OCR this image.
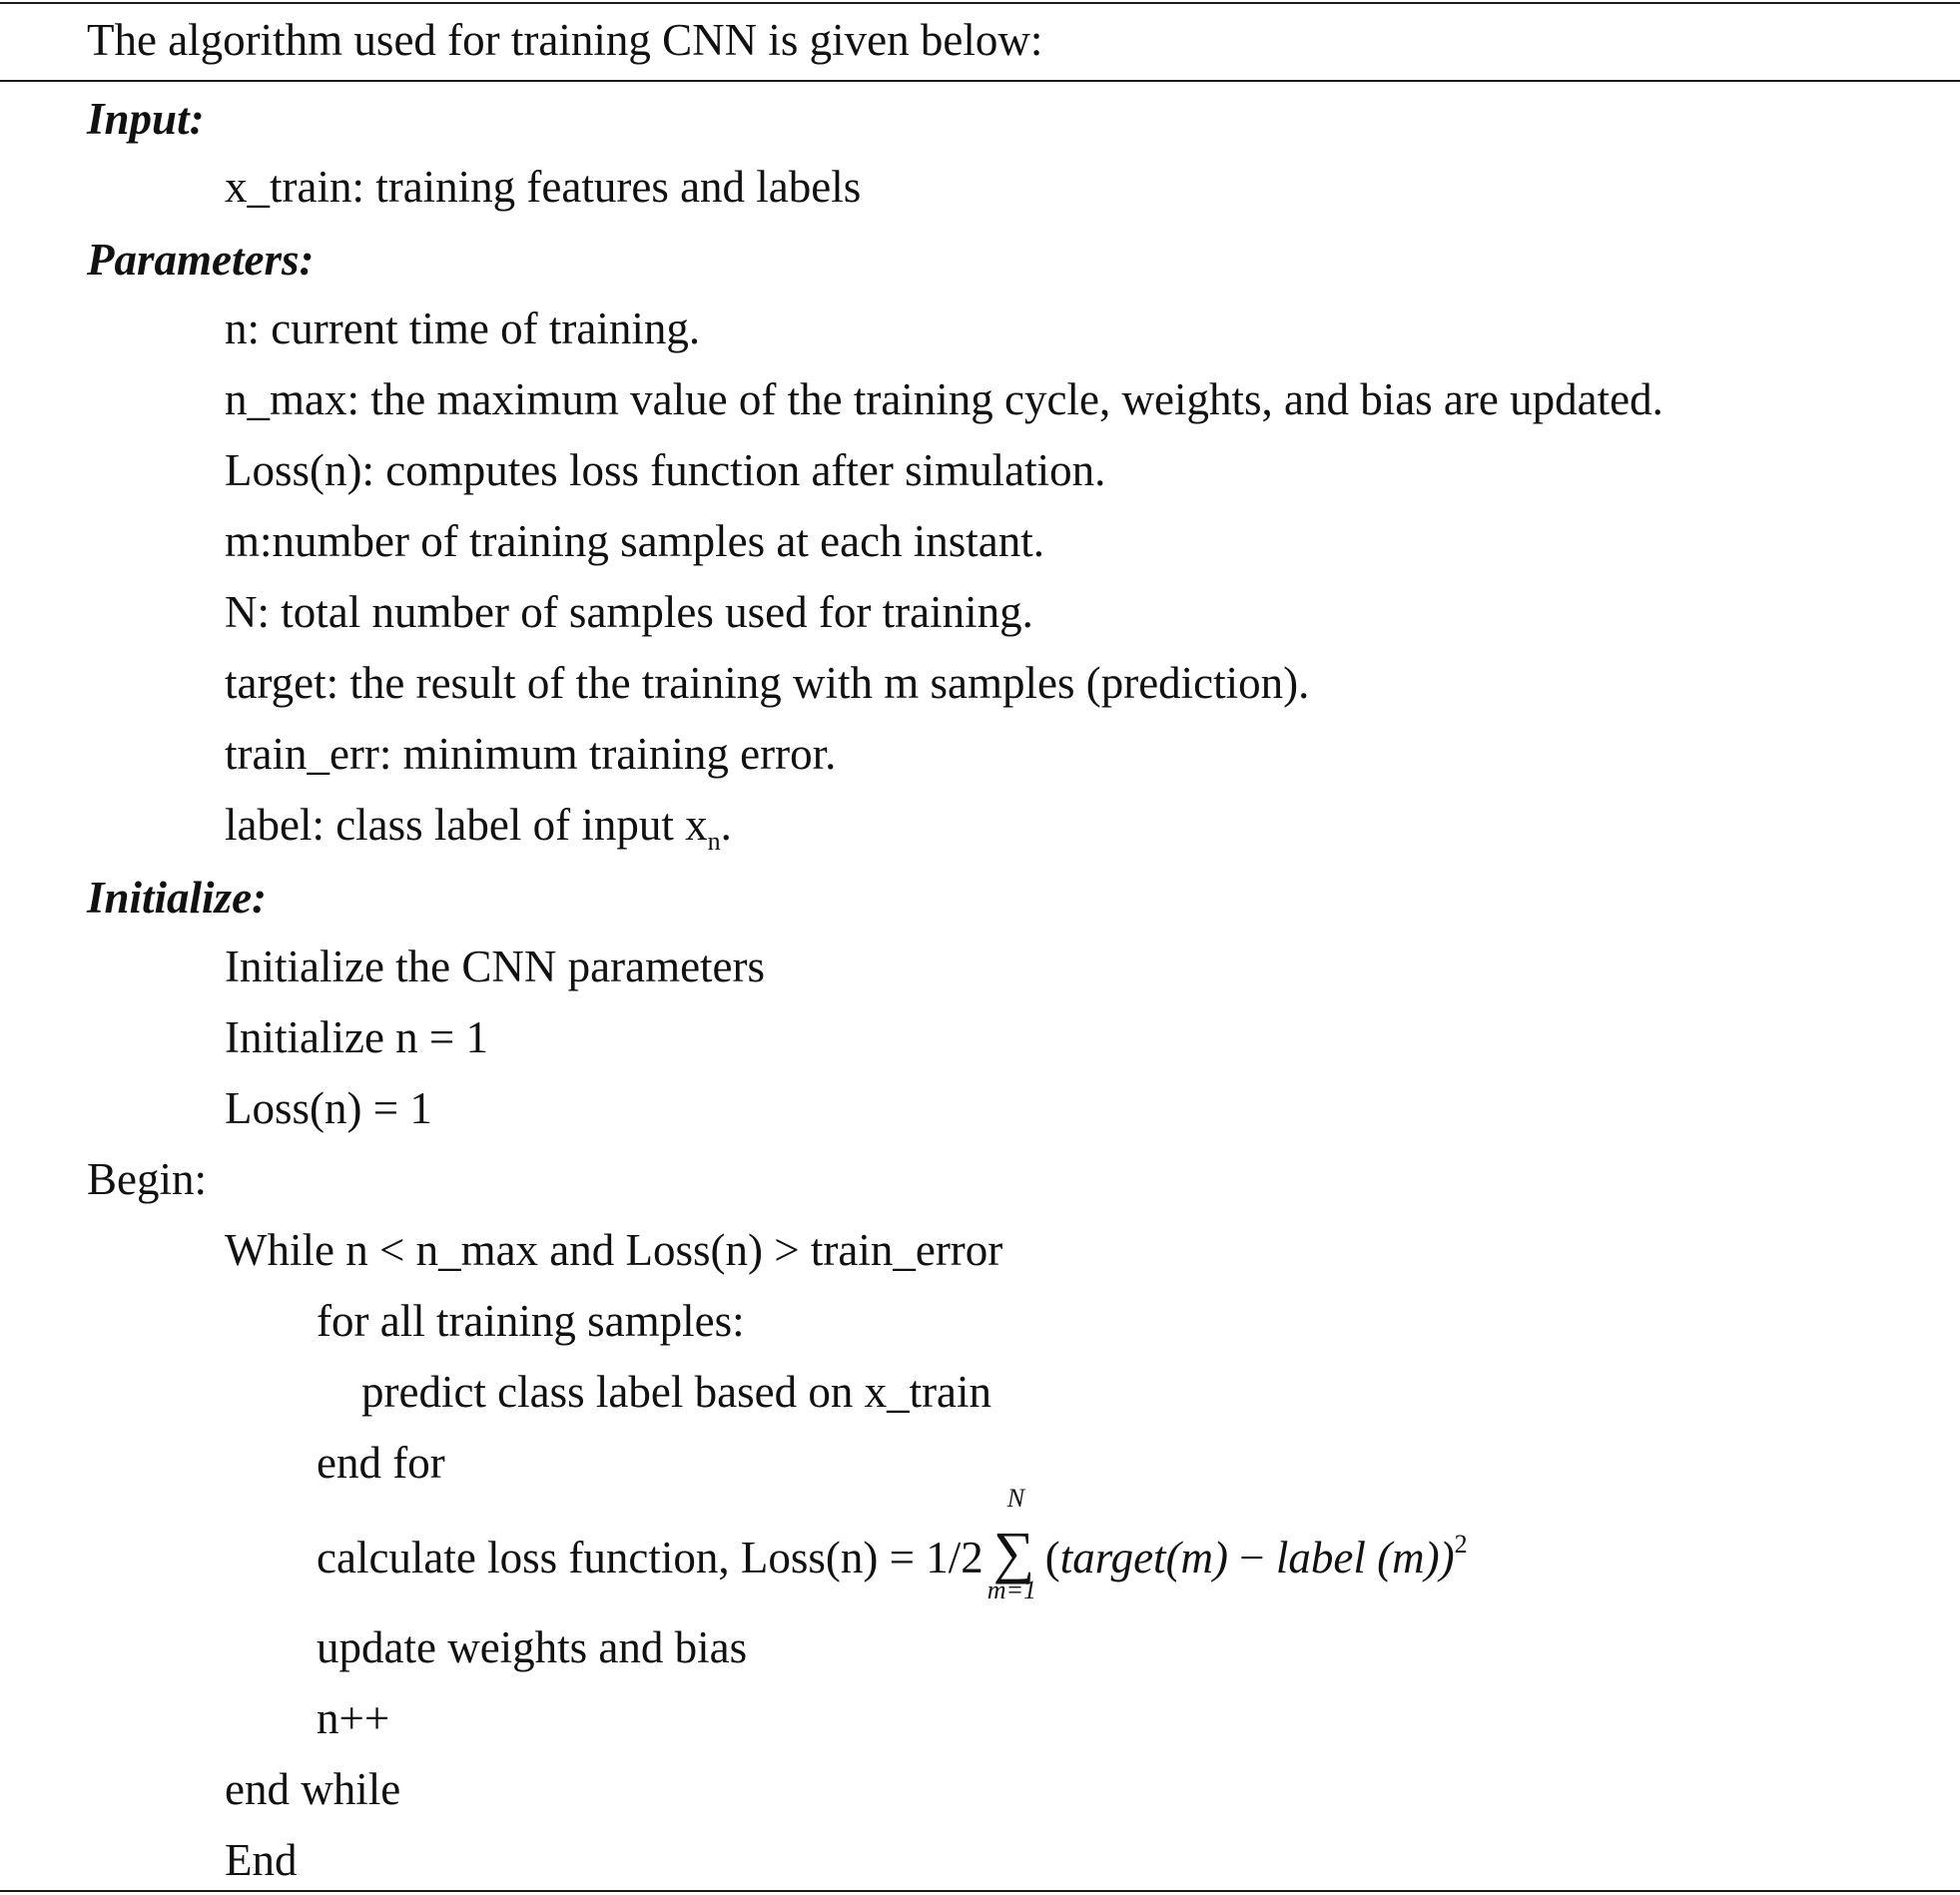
The algorithm used for training CNN is given below:
Input:
x_train: training features and labels
Parameters:
n: current time of training.
n_max: the maximum value of the training cycle, weights, and bias are updated.
Loss(n): computes loss function after simulation.
m:number of training samples at each instant.
N: total number of samples used for training.
target: the result of the training with m samples (prediction).
train_err: minimum training error.
label: class label of input $x_n$.
Initialize:
Initialize the CNN parameters
Initialize n = 1
Loss(n) = 1
Begin:
While n < n_max and Loss(n) > train_error
for all training samples:
predict class label based on x_train
end for
calculate loss function, Loss(n) = 1/2
N
∑
m=1
(target(m) − label (m))$^2$
update weights and bias
n++
end while
End
